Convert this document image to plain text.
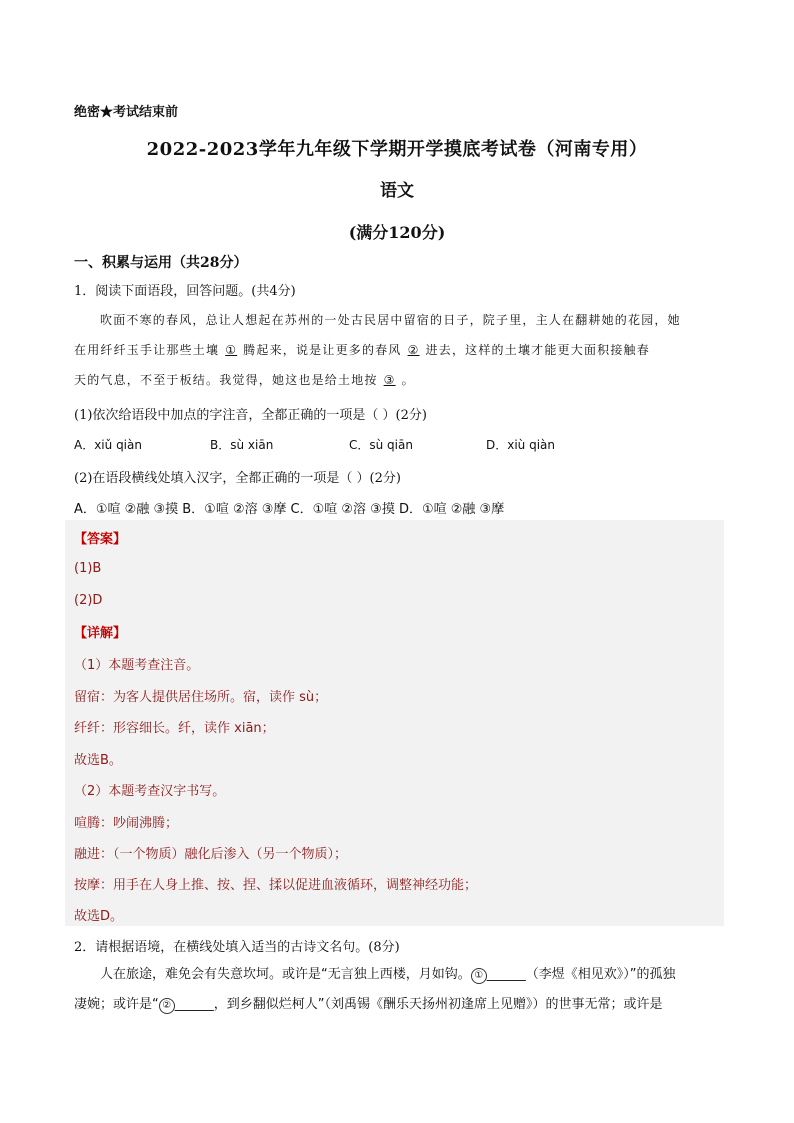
绝密★考试结束前
2022-2023学年九年级下学期开学摸底考试卷（河南专用）
语文
(满分120分)
一、积累与运用（共28分）
1．阅读下面语段，回答问题。(共4分)
吹面不寒的春风，总让人想起在苏州的一处古民居中留宿的日子，院子里，主人在翻耕她的花园，她
在用纤纤玉手让那些土壤 ① 腾起来，说是让更多的春风 ② 进去，这样的土壤才能更大面积接触春
天的气息，不至于板结。我觉得，她这也是给土地按 ③ 。
(1)依次给语段中加点的字注音，全都正确的一项是（ ）(2分)
A．xiǔ qiàn	B．sù xiān	C．sù qiān	D．xiù qiàn
(2)在语段横线处填入汉字，全都正确的一项是（ ）(2分)
A．①喧 ②融 ③摸 B．①喧 ②溶 ③摩 C．①喧 ②溶 ③摸 D．①喧 ②融 ③摩
【答案】
(1)B
(2)D
【详解】
（1）本题考查注音。
留宿：为客人提供居住场所。宿，读作 sù；
纤纤：形容细长。纤，读作 xiān；
故选B。
（2）本题考查汉字书写。
喧腾：吵闹沸腾；
融进：（一个物质）融化后渗入（另一个物质）；
按摩：用手在人身上推、按、捏、揉以促进血液循环，调整神经功能；
故选D。
2．请根据语境，在横线处填入适当的古诗文名句。(8分)
人在旅途，难免会有失意坎坷。或许是“无言独上西楼，月如钩。 ① ______（李煜《相见欢》）”的孤独
凄婉；或许是“ ② ______，到乡翻似烂柯人”（刘禹锡《酬乐天扬州初逢席上见赠》）的世事无常；或许是
